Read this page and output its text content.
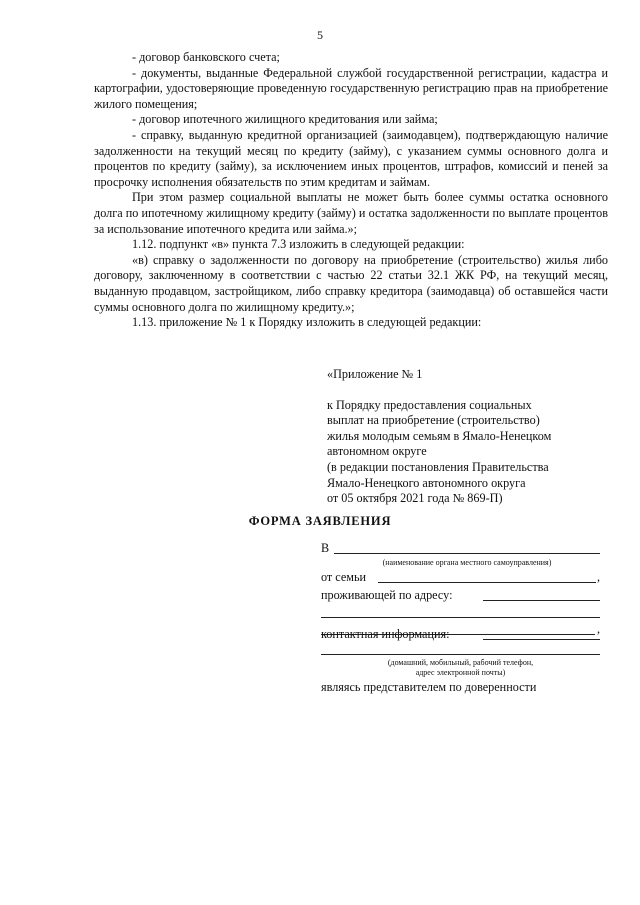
5

- договор банковского счета;

- документы, выданные Федеральной службой государственной регистрации, кадастра и картографии, удостоверяющие проведенную государственную регистрацию прав на приобретение жилого помещения;

- договор ипотечного жилищного кредитования или займа;

- справку, выданную кредитной организацией (заимодавцем), подтверждающую наличие задолженности на текущий месяц по кредиту (займу), с указанием суммы основного долга и процентов по кредиту (займу), за исключением иных процентов, штрафов, комиссий и пеней за просрочку исполнения обязательств по этим кредитам и займам.

При этом размер социальной выплаты не может быть более суммы остатка основного долга по ипотечному жилищному кредиту (займу) и остатка задолженности по выплате процентов за использование ипотечного кредита или займа.»;

1.12. подпункт «в» пункта 7.3 изложить в следующей редакции:

«в) справку о задолженности по договору на приобретение (строительство) жилья либо договору, заключенному в соответствии с частью 22 статьи 32.1 ЖК РФ, на текущий месяц, выданную продавцом, застройщиком, либо справку кредитора (заимодавца) об оставшейся части суммы основного долга по жилищному кредиту.»;

1.13. приложение № 1 к Порядку изложить в следующей редакции:

«Приложение № 1
к Порядку предоставления социальных
выплат на приобретение (строительство)
жилья молодым семьям в Ямало-Ненецком
автономном округе
(в редакции постановления Правительства
Ямало-Ненецкого автономного округа
от 05 октября 2021 года № 869-П)
ФОРМА ЗАЯВЛЕНИЯ
В
(наименование органа местного самоуправления)
от семьи	,
проживающей по адресу:
,
контактная информация:
(домашний, мобильный, рабочий телефон,
адрес электронной почты)
являясь представителем по доверенности
